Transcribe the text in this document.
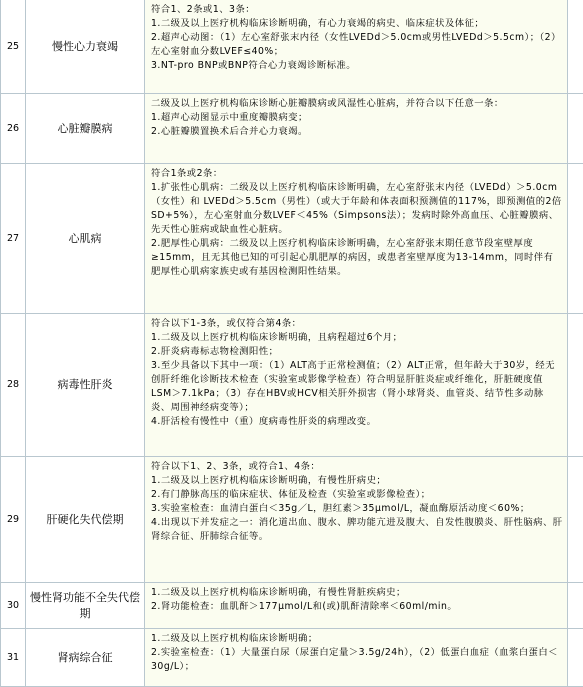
25	慢性心力衰竭	符合1、2条或1、3条：

1.二级及以上医疗机构临床诊断明确，有心力衰竭的病史、临床症状及体征；

2.超声心动图：（1）左心室舒张末内径（女性LVEDd＞5.0cm或男性LVEDd＞5.5cm）；（2）左心室射血分数LVEF≤40%；

3.NT-pro BNP或BNP符合心力衰竭诊断标准。	

26	心脏瓣膜病	二级及以上医疗机构临床诊断心脏瓣膜病或风湿性心脏病，并符合以下任意一条：

1.超声心动图显示中重度瓣膜病变；

2.心脏瓣膜置换术后合并心力衰竭。	

27	心肌病	符合1条或2条：

1.扩张性心肌病：二级及以上医疗机构临床诊断明确，左心室舒张末内径（LVEDd）＞5.0cm（女性）和 LVEDd＞5.5cm（男性）（或大于年龄和体表面积预测值的117%，即预测值的2倍SD+5%），左心室射血分数LVEF＜45%（Simpsons法）；发病时除外高血压、心脏瓣膜病、先天性心脏病或缺血性心脏病。

2.肥厚性心肌病：二级及以上医疗机构临床诊断明确，左心室舒张末期任意节段室壁厚度≥15mm，且无其他已知的可引起心肌肥厚的病因，或患者室壁厚度为13-14mm，同时伴有肥厚性心肌病家族史或有基因检测阳性结果。	

28	病毒性肝炎	符合以下1-3条，或仅符合第4条：

1.二级及以上医疗机构临床诊断明确，且病程超过6个月；

2.肝炎病毒标志物检测阳性；

3.至少具备以下其中一项：（1）ALT高于正常检测值；（2）ALT正常，但年龄大于30岁，经无创肝纤维化诊断技术检查（实验室或影像学检查）符合明显肝脏炎症或纤维化，肝脏硬度值LSM＞7.1kPa；（3）存在HBV或HCV相关肝外损害（肾小球肾炎、血管炎、结节性多动脉炎、周围神经病变等）；

4.肝活检有慢性中（重）度病毒性肝炎的病理改变。	

29	肝硬化失代偿期	符合以下1、2、3条，或符合1、4条：

1.二级及以上医疗机构临床诊断明确，有慢性肝病史；

2.有门静脉高压的临床症状、体征及检查（实验室或影像检查）；

3.实验室检查：血清白蛋白＜35g／L，胆红素＞35μmol/L，凝血酶原活动度＜60%；

4.出现以下并发症之一：消化道出血、腹水、脾功能亢进及腹大、自发性腹膜炎、肝性脑病、肝肾综合征、肝肺综合征等。	

30	慢性肾功能不全失代偿期	1.二级及以上医疗机构临床诊断明确，有慢性肾脏疾病史；

2.肾功能检查：血肌酐＞177μmol/L和(或)肌酐清除率＜60ml/min。	

31	肾病综合征	1.二级及以上医疗机构临床诊断明确；

2.实验室检查：（1）大量蛋白尿（尿蛋白定量＞3.5g/24h），（2）低蛋白血症（血浆白蛋白＜30g/L）；	
